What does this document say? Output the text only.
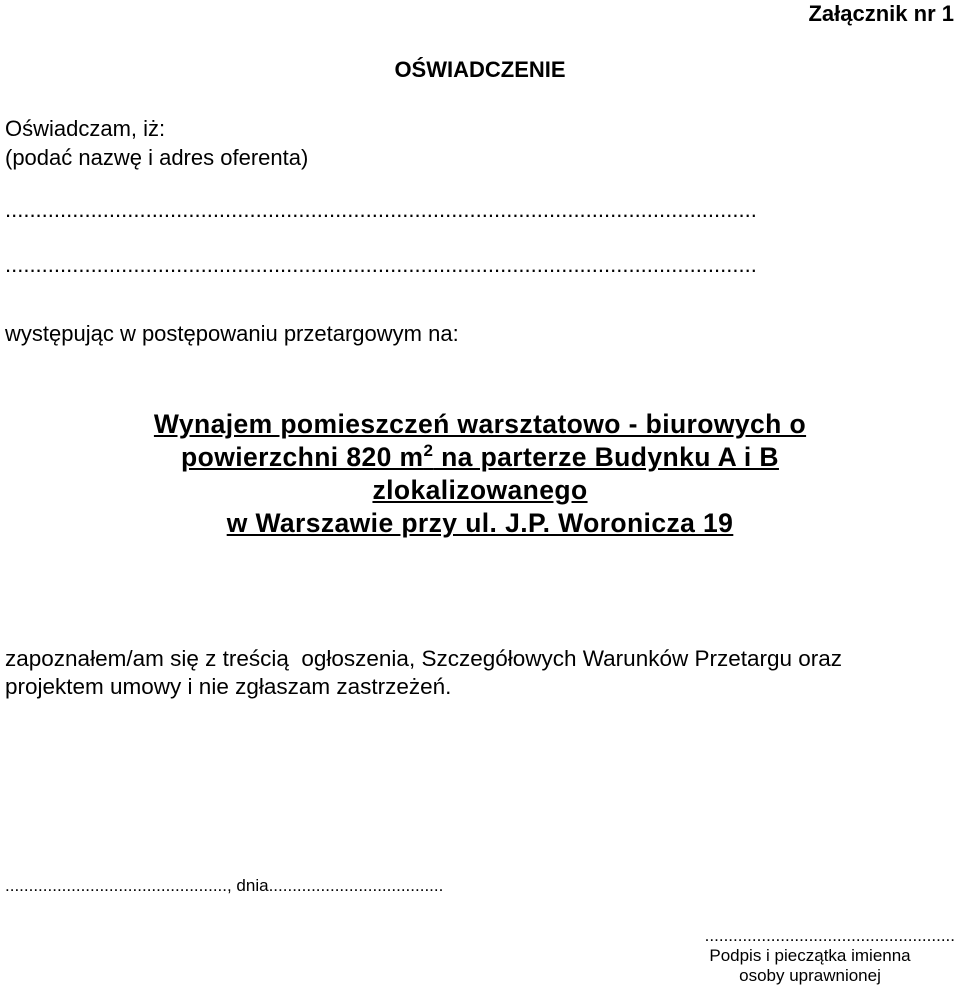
Załącznik nr 1
OŚWIADCZENIE
Oświadczam, iż:
(podać nazwę i adres oferenta)
...........................................................................................................................
...........................................................................................................................
występując w postępowaniu przetargowym na:
Wynajem pomieszczeń warsztatowo - biurowych o
powierzchni 820 $m^2$ na parterze Budynku A i B
zlokalizowanego
w Warszawie przy ul. J.P. Woronicza 19
zapoznałem/am się z treścią  ogłoszenia, Szczegółowych Warunków Przetargu oraz
projektem umowy i nie zgłaszam zastrzeżeń.
..............................................., dnia.....................................
.....................................................
Podpis i pieczątka imienna
osoby uprawnionej
